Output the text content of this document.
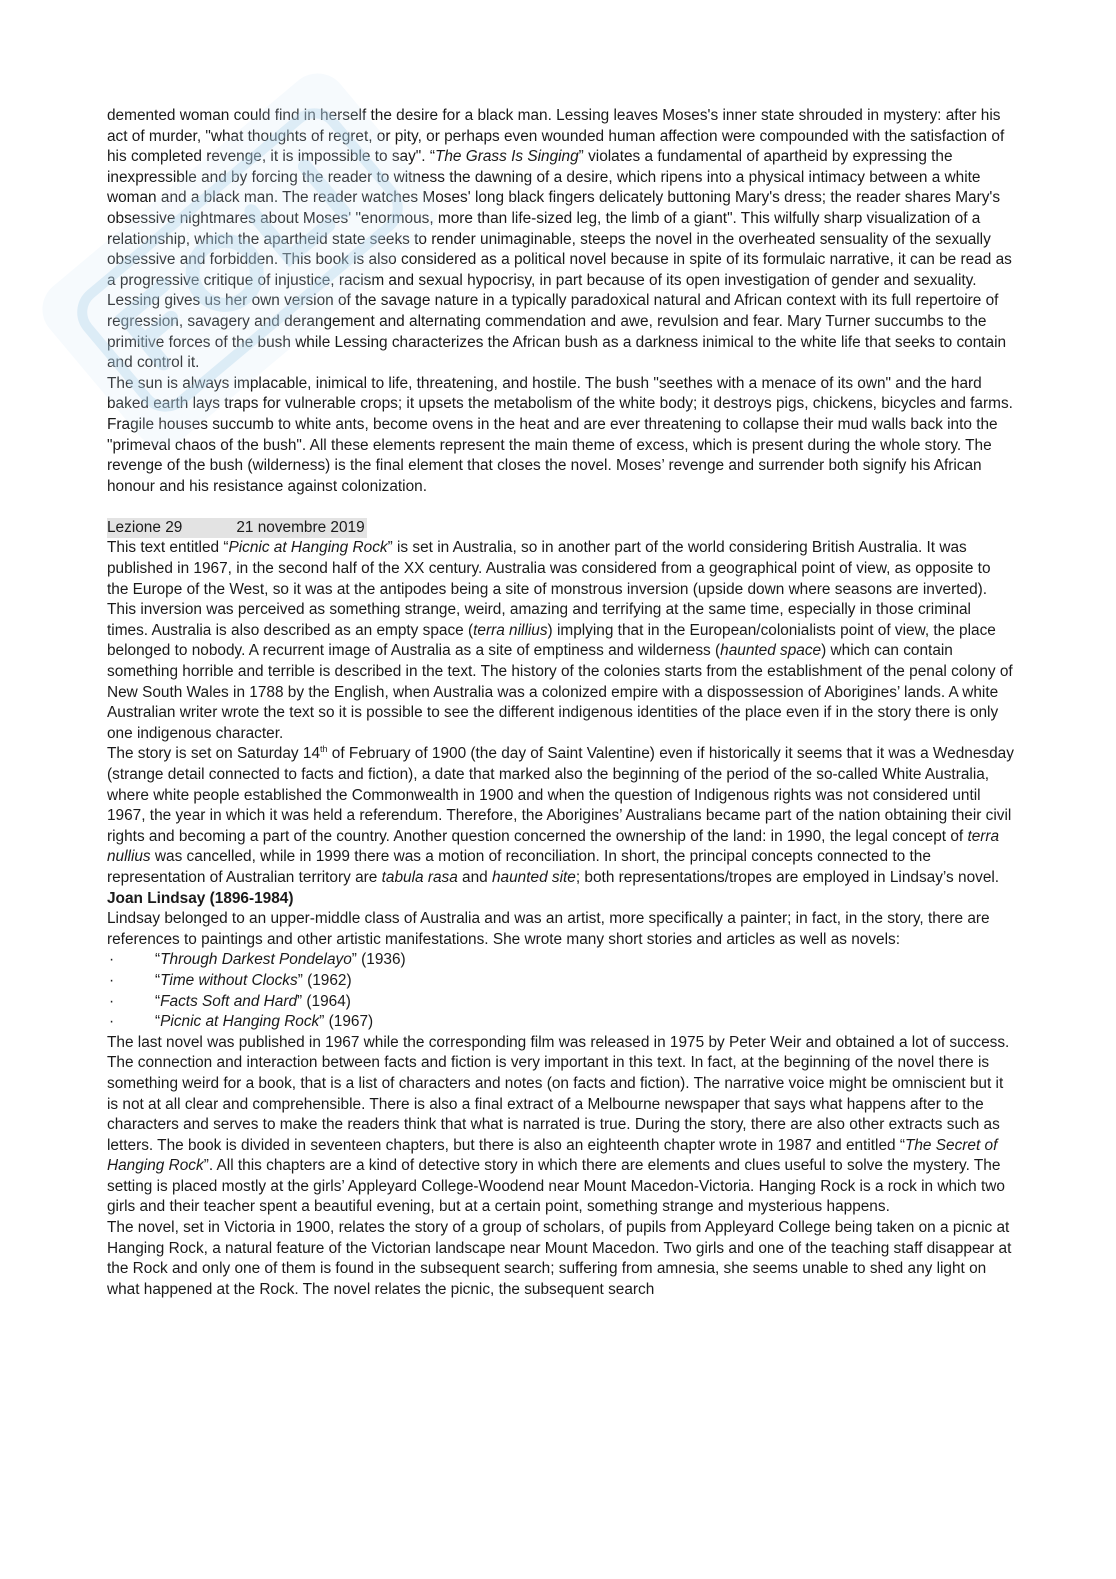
demented woman could find in herself the desire for a black man. Lessing leaves Moses's inner state shrouded in mystery: after his act of murder, "what thoughts of regret, or pity, or perhaps even wounded human affection were compounded with the satisfaction of his completed revenge, it is impossible to say". “The Grass Is Singing” violates a fundamental of apartheid by expressing the inexpressible and by forcing the reader to witness the dawning of a desire, which ripens into a physical intimacy between a white woman and a black man. The reader watches Moses' long black fingers delicately buttoning Mary's dress; the reader shares Mary's obsessive nightmares about Moses' "enormous, more than life-sized leg, the limb of a giant". This wilfully sharp visualization of a relationship, which the apartheid state seeks to render unimaginable, steeps the novel in the overheated sensuality of the sexually obsessive and forbidden. This book is also considered as a political novel because in spite of its formulaic narrative, it can be read as a progressive critique of injustice, racism and sexual hypocrisy, in part because of its open investigation of gender and sexuality.

Lessing gives us her own version of the savage nature in a typically paradoxical natural and African context with its full repertoire of regression, savagery and derangement and alternating commendation and awe, revulsion and fear. Mary Turner succumbs to the primitive forces of the bush while Lessing characterizes the African bush as a darkness inimical to the white life that seeks to contain and control it.

The sun is always implacable, inimical to life, threatening, and hostile. The bush "seethes with a menace of its own" and the hard baked earth lays traps for vulnerable crops; it upsets the metabolism of the white body; it destroys pigs, chickens, bicycles and farms. Fragile houses succumb to white ants, become ovens in the heat and are ever threatening to collapse their mud walls back into the "primeval chaos of the bush". All these elements represent the main theme of excess, which is present during the whole story. The revenge of the bush (wilderness) is the final element that closes the novel. Moses’ revenge and surrender both signify his African honour and his resistance against colonization.

Lezione 29	21 novembre 2019

This text entitled “Picnic at Hanging Rock” is set in Australia, so in another part of the world considering British Australia. It was published in 1967, in the second half of the XX century. Australia was considered from a geographical point of view, as opposite to the Europe of the West, so it was at the antipodes being a site of monstrous inversion (upside down where seasons are inverted). This inversion was perceived as something strange, weird, amazing and terrifying at the same time, especially in those criminal times. Australia is also described as an empty space (terra nillius) implying that in the European/colonialists point of view, the place belonged to nobody. A recurrent image of Australia as a site of emptiness and wilderness (haunted space) which can contain something horrible and terrible is described in the text. The history of the colonies starts from the establishment of the penal colony of New South Wales in 1788 by the English, when Australia was a colonized empire with a dispossession of Aborigines’ lands. A white Australian writer wrote the text so it is possible to see the different indigenous identities of the place even if in the story there is only one indigenous character.

The story is set on Saturday 14th of February of 1900 (the day of Saint Valentine) even if historically it seems that it was a Wednesday (strange detail connected to facts and fiction), a date that marked also the beginning of the period of the so-called White Australia, where white people established the Commonwealth in 1900 and when the question of Indigenous rights was not considered until 1967, the year in which it was held a referendum. Therefore, the Aborigines’ Australians became part of the nation obtaining their civil rights and becoming a part of the country. Another question concerned the ownership of the land: in 1990, the legal concept of terra nullius was cancelled, while in 1999 there was a motion of reconciliation. In short, the principal concepts connected to the representation of Australian territory are tabula rasa and haunted site; both representations/tropes are employed in Lindsay’s novel.

Joan Lindsay (1896-1984)

Lindsay belonged to an upper-middle class of Australia and was an artist, more specifically a painter; in fact, in the story, there are references to paintings and other artistic manifestations. She wrote many short stories and articles as well as novels:

·	“Through Darkest Pondelayo” (1936)
·	“Time without Clocks” (1962)
·	“Facts Soft and Hard” (1964)
·	“Picnic at Hanging Rock” (1967)

The last novel was published in 1967 while the corresponding film was released in 1975 by Peter Weir and obtained a lot of success.

The connection and interaction between facts and fiction is very important in this text. In fact, at the beginning of the novel there is something weird for a book, that is a list of characters and notes (on facts and fiction). The narrative voice might be omniscient but it is not at all clear and comprehensible. There is also a final extract of a Melbourne newspaper that says what happens after to the characters and serves to make the readers think that what is narrated is true. During the story, there are also other extracts such as letters. The book is divided in seventeen chapters, but there is also an eighteenth chapter wrote in 1987 and entitled “The Secret of Hanging Rock”. All this chapters are a kind of detective story in which there are elements and clues useful to solve the mystery. The setting is placed mostly at the girls’ Appleyard College-Woodend near Mount Macedon-Victoria. Hanging Rock is a rock in which two girls and their teacher spent a beautiful evening, but at a certain point, something strange and mysterious happens.

The novel, set in Victoria in 1900, relates the story of a group of scholars, of pupils from Appleyard College being taken on a picnic at Hanging Rock, a natural feature of the Victorian landscape near Mount Macedon. Two girls and one of the teaching staff disappear at the Rock and only one of them is found in the subsequent search; suffering from amnesia, she seems unable to shed any light on what happened at the Rock. The novel relates the picnic, the subsequent search
